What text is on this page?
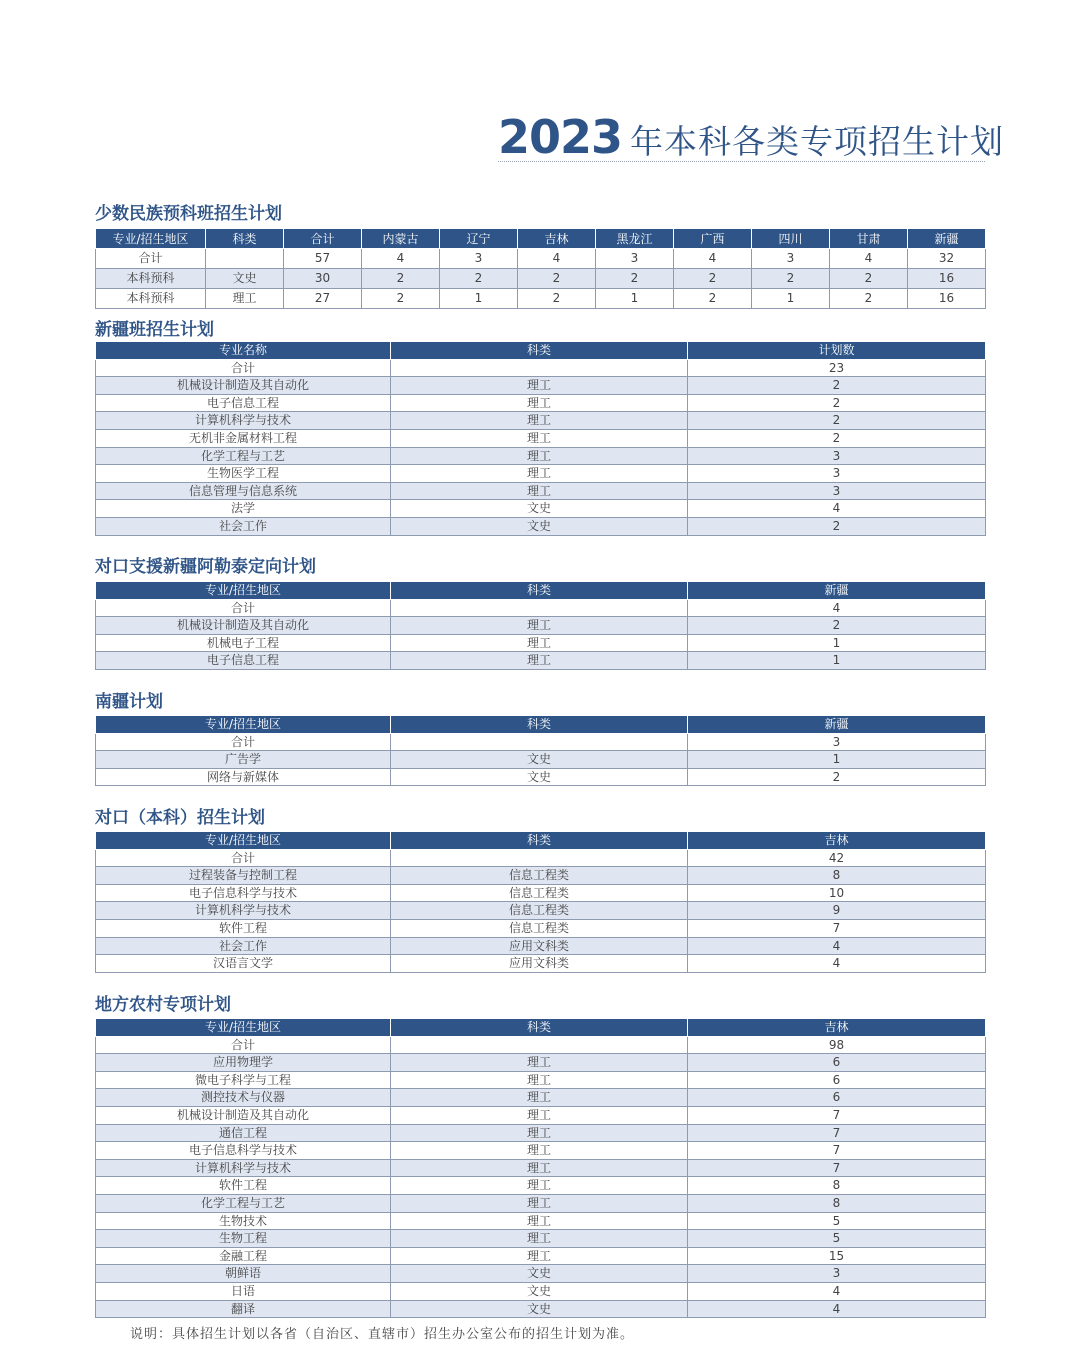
2023 年本科各类专项招生计划
少数民族预科班招生计划
专业/招生地区	科类	合计	内蒙古	辽宁	吉林	黑龙江	广西	四川	甘肃	新疆
合计		57	4	3	4	3	4	3	4	32
本科预科	文史	30	2	2	2	2	2	2	2	16
本科预科	理工	27	2	1	2	1	2	1	2	16
新疆班招生计划
专业名称	科类	计划数
合计		23
机械设计制造及其自动化	理工	2
电子信息工程	理工	2
计算机科学与技术	理工	2
无机非金属材料工程	理工	2
化学工程与工艺	理工	3
生物医学工程	理工	3
信息管理与信息系统	理工	3
法学	文史	4
社会工作	文史	2
对口支援新疆阿勒泰定向计划
专业/招生地区	科类	新疆
合计		4
机械设计制造及其自动化	理工	2
机械电子工程	理工	1
电子信息工程	理工	1
南疆计划
专业/招生地区	科类	新疆
合计		3
广告学	文史	1
网络与新媒体	文史	2
对口（本科）招生计划
专业/招生地区	科类	吉林
合计		42
过程装备与控制工程	信息工程类	8
电子信息科学与技术	信息工程类	10
计算机科学与技术	信息工程类	9
软件工程	信息工程类	7
社会工作	应用文科类	4
汉语言文学	应用文科类	4
地方农村专项计划
专业/招生地区	科类	吉林
合计		98
应用物理学	理工	6
微电子科学与工程	理工	6
测控技术与仪器	理工	6
机械设计制造及其自动化	理工	7
通信工程	理工	7
电子信息科学与技术	理工	7
计算机科学与技术	理工	7
软件工程	理工	8
化学工程与工艺	理工	8
生物技术	理工	5
生物工程	理工	5
金融工程	理工	15
朝鲜语	文史	3
日语	文史	4
翻译	文史	4
说明：具体招生计划以各省（自治区、直辖市）招生办公室公布的招生计划为准。
